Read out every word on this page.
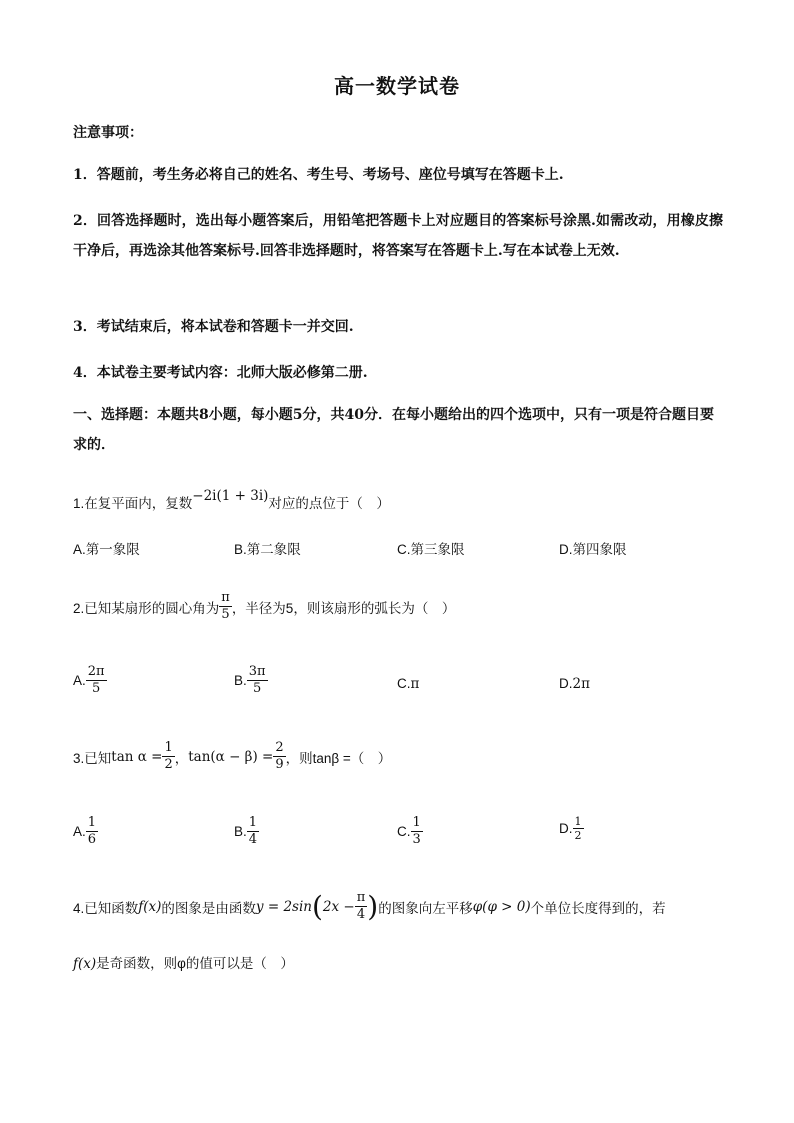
高一数学试卷
注意事项：
1．答题前，考生务必将自己的姓名、考生号、考场号、座位号填写在答题卡上.
2．回答选择题时，选出每小题答案后，用铅笔把答题卡上对应题目的答案标号涂黑.如需改动，用橡皮擦干净后，再选涂其他答案标号.回答非选择题时，将答案写在答题卡上.写在本试卷上无效.
3．考试结束后，将本试卷和答题卡一并交回.
4．本试卷主要考试内容：北师大版必修第二册.
一、选择题：本题共8小题，每小题5分，共40分．在每小题给出的四个选项中，只有一项是符合题目要求的．
1.在复平面内，复数−2i(1 + 3i)对应的点位于（　）
A.第一象限	B.第二象限	C.第三象限	D.第四象限
2.已知某扇形的圆心角为 $\frac{\pi}{5}$ ，半径为5，则该扇形的弧长为（　）
A. $\frac{2\pi}{5}$	B. $\frac{3\pi}{5}$	C.π	D.2π
3.已知 $\tan \alpha = \frac{1}{2}$ ， $\tan(\alpha - \beta) = \frac{2}{9}$ ，则tanβ =（　）
A. $\frac{1}{6}$	B. $\frac{1}{4}$	C. $\frac{1}{3}$	D. $\frac{1}{2}$
4.已知函数 f(x) 的图象是由函数 y = 2sin ( $2x - \frac{\pi}{4}$ ) 的图象向左平移 φ(φ > 0) 个单位长度得到的，若
f(x)是奇函数，则φ的值可以是（　）
